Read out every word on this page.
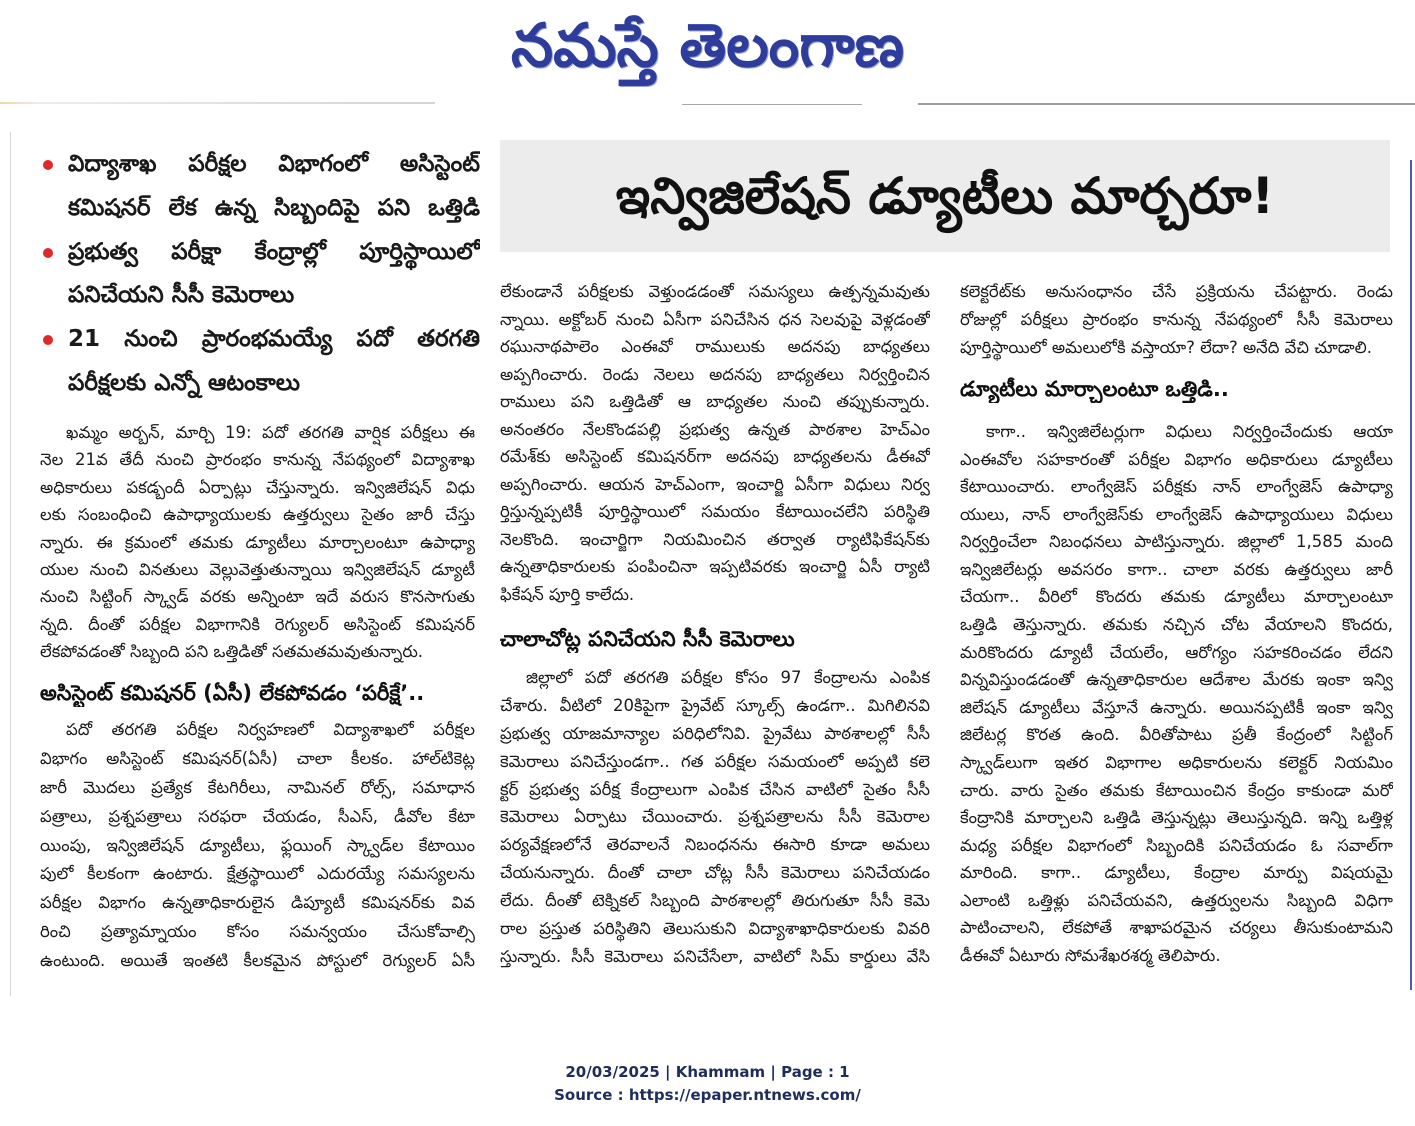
నమస్తే తెలంగాణ
విద్యాశాఖ పరీక్షల విభాగంలో అసిస్టెంట్
కమిషనర్ లేక ఉన్న సిబ్బందిపై పని ఒత్తిడి
ప్రభుత్వ పరీక్షా కేంద్రాల్లో పూర్తిస్థాయిలో
పనిచేయని సీసీ కెమెరాలు
21 నుంచి ప్రారంభమయ్యే పదో తరగతి
పరీక్షలకు ఎన్నో ఆటంకాలు
ఇన్విజిలేషన్ డ్యూటీలు మార్చరూ!
ఖమ్మం అర్బన్, మార్చి 19: పదో తరగతి వార్షిక పరీక్షలు ఈ
నెల 21వ తేదీ నుంచి ప్రారంభం కానున్న నేపథ్యంలో విద్యాశాఖ
అధికారులు పకడ్బందీ ఏర్పాట్లు చేస్తున్నారు. ఇన్విజిలేషన్ విధు
లకు సంబంధించి ఉపాధ్యాయులకు ఉత్తర్వులు సైతం జారీ చేస్తు
న్నారు. ఈ క్రమంలో తమకు డ్యూటీలు మార్చాలంటూ ఉపాధ్యా
యుల నుంచి వినతులు వెల్లువెత్తుతున్నాయి ఇన్విజిలేషన్ డ్యూటీ
నుంచి సిట్టింగ్ స్క్వాడ్ వరకు అన్నింటా ఇదే వరుస కొనసాగుతు
న్నది. దీంతో పరీక్షల విభాగానికి రెగ్యులర్ అసిస్టెంట్ కమిషనర్
లేకపోవడంతో సిబ్బంది పని ఒత్తిడితో సతమతమవుతున్నారు.
అసిస్టెంట్ కమిషనర్ (ఏసీ) లేకపోవడం ‘పరీక్షే’..
పదో తరగతి పరీక్షల నిర్వహణలో విద్యాశాఖలో పరీక్షల
విభాగం అసిస్టెంట్ కమిషనర్(ఏసీ) చాలా కీలకం. హాల్‌టికెట్ల
జారీ మొదలు ప్రత్యేక కేటగిరీలు, నామినల్ రోల్స్, సమాధాన
పత్రాలు, ప్రశ్నపత్రాలు సరఫరా చేయడం, సీఎస్, డీవోల కేటా
యింపు, ఇన్విజిలేషన్ డ్యూటీలు, ఫ్లయింగ్ స్క్వాడ్‌ల కేటాయిం
పులో కీలకంగా ఉంటారు. క్షేత్రస్థాయిలో ఎదురయ్యే సమస్యలను
పరీక్షల విభాగం ఉన్నతాధికారులైన డిప్యూటీ కమిషనర్‌కు వివ
రించి ప్రత్యామ్నాయం కోసం సమన్వయం చేసుకోవాల్సి
ఉంటుంది. అయితే ఇంతటి కీలకమైన పోస్టులో రెగ్యులర్ ఏసీ
లేకుండానే పరీక్షలకు వెళ్తుండడంతో సమస్యలు ఉత్పన్నమవుతు
న్నాయి. అక్టోబర్ నుంచి ఏసీగా పనిచేసిన ధన సెలవుపై వెళ్లడంతో
రఘునాథపాలెం ఎంఈవో రాములుకు అదనపు బాధ్యతలు
అప్పగించారు. రెండు నెలలు అదనపు బాధ్యతలు నిర్వర్తించిన
రాములు పని ఒత్తిడితో ఆ బాధ్యతల నుంచి తప్పుకున్నారు.
అనంతరం నేలకొండపల్లి ప్రభుత్వ ఉన్నత పాఠశాల హెచ్‌ఎం
రమేశ్‌కు అసిస్టెంట్ కమిషనర్‌గా అదనపు బాధ్యతలను డీఈవో
అప్పగించారు. ఆయన హెచ్‌ఎంగా, ఇంచార్జి ఏసీగా విధులు నిర్వ
ర్తిస్తున్నప్పటికీ పూర్తిస్థాయిలో సమయం కేటాయించలేని పరిస్థితి
నెలకొంది. ఇంచార్జిగా నియమించిన తర్వాత ర్యాటిఫికేషన్‌కు
ఉన్నతాధికారులకు పంపించినా ఇప్పటివరకు ఇంచార్జి ఏసీ ర్యాటి
ఫికేషన్ పూర్తి కాలేదు.
చాలాచోట్ల పనిచేయని సీసీ కెమెరాలు
జిల్లాలో పదో తరగతి పరీక్షల కోసం 97 కేంద్రాలను ఎంపిక
చేశారు. వీటిలో 20కిపైగా ప్రైవేట్ స్కూల్స్ ఉండగా.. మిగిలినవి
ప్రభుత్వ యాజమాన్యాల పరిధిలోనివి. ప్రైవేటు పాఠశాలల్లో సీసీ
కెమెరాలు పనిచేస్తుండగా.. గత పరీక్షల సమయంలో అప్పటి కలె
క్టర్ ప్రభుత్వ పరీక్ష కేంద్రాలుగా ఎంపిక చేసిన వాటిలో సైతం సీసీ
కెమెరాలు ఏర్పాటు చేయించారు. ప్రశ్నపత్రాలను సీసీ కెమెరాల
పర్యవేక్షణలోనే తెరవాలనే నిబంధనను ఈసారి కూడా అమలు
చేయనున్నారు. దీంతో చాలా చోట్ల సీసీ కెమెరాలు పనిచేయడం
లేదు. దీంతో టెక్నికల్ సిబ్బంది పాఠశాలల్లో తిరుగుతూ సీసీ కెమె
రాల ప్రస్తుత పరిస్థితిని తెలుసుకుని విద్యాశాఖాధికారులకు వివరి
స్తున్నారు. సీసీ కెమెరాలు పనిచేసేలా, వాటిలో సిమ్ కార్డులు వేసి
కలెక్టరేట్‌కు అనుసంధానం చేసే ప్రక్రియను చేపట్టారు. రెండు
రోజుల్లో పరీక్షలు ప్రారంభం కానున్న నేపథ్యంలో సీసీ కెమెరాలు
పూర్తిస్థాయిలో అమలులోకి వస్తాయా? లేదా? అనేది వేచి చూడాలి.
డ్యూటీలు మార్చాలంటూ ఒత్తిడి..
కాగా.. ఇన్విజిలేటర్లుగా విధులు నిర్వర్తించేందుకు ఆయా
ఎంఈవోల సహకారంతో పరీక్షల విభాగం అధికారులు డ్యూటీలు
కేటాయించారు. లాంగ్వేజెస్ పరీక్షకు నాన్ లాంగ్వేజెస్ ఉపాధ్యా
యులు, నాన్ లాంగ్వేజెస్‌కు లాంగ్వేజెస్ ఉపాధ్యాయులు విధులు
నిర్వర్తించేలా నిబంధనలు పాటిస్తున్నారు. జిల్లాలో 1,585 మంది
ఇన్విజిలేటర్లు అవసరం కాగా.. చాలా వరకు ఉత్తర్వులు జారీ
చేయగా.. వీరిలో కొందరు తమకు డ్యూటీలు మార్చాలంటూ
ఒత్తిడి తెస్తున్నారు. తమకు నచ్చిన చోట వేయాలని కొందరు,
మరికొందరు డ్యూటీ చేయలేం, ఆరోగ్యం సహకరించడం లేదని
విన్నవిస్తుండడంతో ఉన్నతాధికారుల ఆదేశాల మేరకు ఇంకా ఇన్వి
జిలేషన్ డ్యూటీలు వేస్తూనే ఉన్నారు. అయినప్పటికీ ఇంకా ఇన్వి
జిలేటర్ల కొరత ఉంది. వీరితోపాటు ప్రతీ కేంద్రంలో సిట్టింగ్
స్క్వాడ్‌లుగా ఇతర విభాగాల అధికారులను కలెక్టర్ నియమిం
చారు. వారు సైతం తమకు కేటాయించిన కేంద్రం కాకుండా మరో
కేంద్రానికి మార్చాలని ఒత్తిడి తెస్తున్నట్లు తెలుస్తున్నది. ఇన్ని ఒత్తిళ్ల
మధ్య పరీక్షల విభాగంలో సిబ్బందికి పనిచేయడం ఓ సవాల్‌గా
మారింది. కాగా.. డ్యూటీలు, కేంద్రాల మార్పు విషయమై
ఎలాంటి ఒత్తిళ్లు పనిచేయవని, ఉత్తర్వులను సిబ్బంది విధిగా
పాటించాలని, లేకపోతే శాఖాపరమైన చర్యలు తీసుకుంటామని
డీఈవో ఏటూరు సోమశేఖరశర్మ తెలిపారు.
20/03/2025 | Khammam | Page : 1
Source : https://epaper.ntnews.com/
